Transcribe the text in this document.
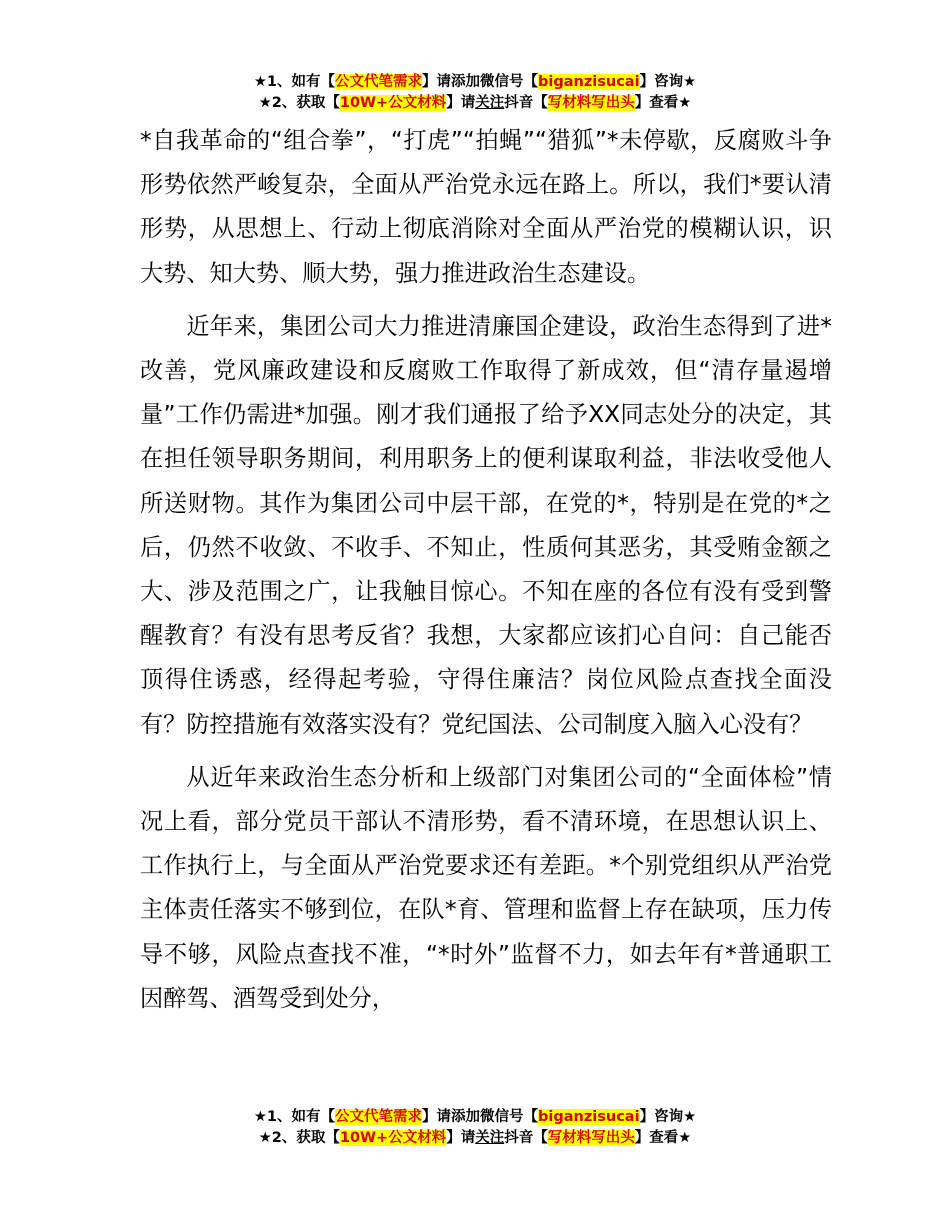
★1、如有【公文代笔需求】请添加微信号【biganzisucai】咨询★
★2、获取【10W+公文材料】请关注抖音【写材料写出头】查看★

*自我革命的“组合拳”，“打虎”“拍蝇”“猎狐”*未停歇，反腐败斗争形势依然严峻复杂，全面从严治党永远在路上。所以，我们*要认清形势，从思想上、行动上彻底消除对全面从严治党的模糊认识，识大势、知大势、顺大势，强力推进政治生态建设。

近年来，集团公司大力推进清廉国企建设，政治生态得到了进*改善，党风廉政建设和反腐败工作取得了新成效，但“清存量遏增量”工作仍需进*加强。刚才我们通报了给予XX同志处分的决定，其在担任领导职务期间，利用职务上的便利谋取利益，非法收受他人所送财物。其作为集团公司中层干部，在党的*，特别是在党的*之后，仍然不收敛、不收手、不知止，性质何其恶劣，其受贿金额之大、涉及范围之广，让我触目惊心。不知在座的各位有没有受到警醒教育？有没有思考反省？我想，大家都应该扪心自问：自己能否顶得住诱惑，经得起考验，守得住廉洁？岗位风险点查找全面没有？防控措施有效落实没有？党纪国法、公司制度入脑入心没有？

从近年来政治生态分析和上级部门对集团公司的“全面体检”情况上看，部分党员干部认不清形势，看不清环境，在思想认识上、工作执行上，与全面从严治党要求还有差距。*个别党组织从严治党主体责任落实不够到位，在队*育、管理和监督上存在缺项，压力传导不够，风险点查找不准，“*时外”监督不力，如去年有*普通职工因醉驾、酒驾受到处分，

★1、如有【公文代笔需求】请添加微信号【biganzisucai】咨询★
★2、获取【10W+公文材料】请关注抖音【写材料写出头】查看★
